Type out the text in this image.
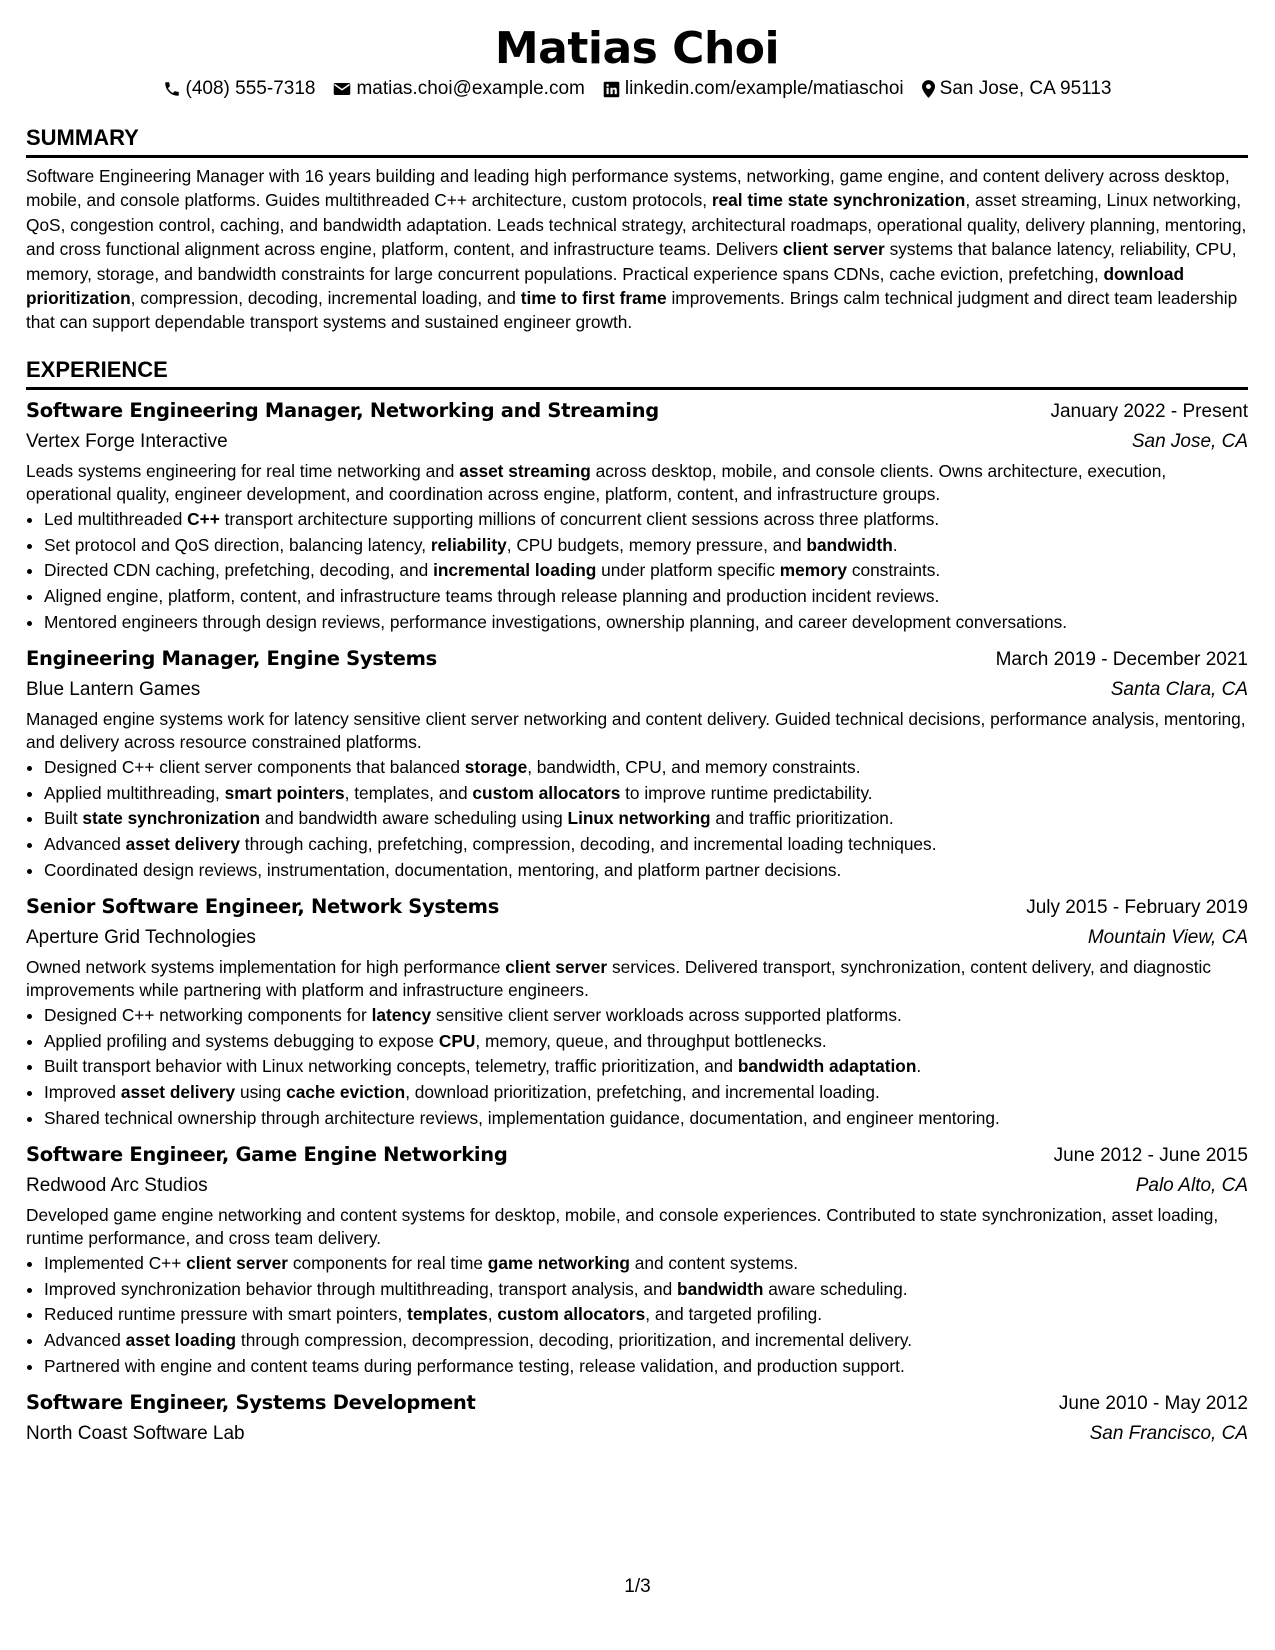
Matias Choi
(408) 555-7318 matias.choi@example.com linkedin.com/example/matiaschoi San Jose, CA 95113
SUMMARY
Software Engineering Manager with 16 years building and leading high performance systems, networking, game engine, and content delivery across desktop, mobile, and console platforms. Guides multithreaded C++ architecture, custom protocols, real time state synchronization, asset streaming, Linux networking, QoS, congestion control, caching, and bandwidth adaptation. Leads technical strategy, architectural roadmaps, operational quality, delivery planning, mentoring, and cross functional alignment across engine, platform, content, and infrastructure teams. Delivers client server systems that balance latency, reliability, CPU, memory, storage, and bandwidth constraints for large concurrent populations. Practical experience spans CDNs, cache eviction, prefetching, download prioritization, compression, decoding, incremental loading, and time to first frame improvements. Brings calm technical judgment and direct team leadership that can support dependable transport systems and sustained engineer growth.
EXPERIENCE
Software Engineering Manager, Networking and Streaming	January 2022 - Present
Vertex Forge Interactive	San Jose, CA
Leads systems engineering for real time networking and asset streaming across desktop, mobile, and console clients. Owns architecture, execution, operational quality, engineer development, and coordination across engine, platform, content, and infrastructure groups.
• Led multithreaded C++ transport architecture supporting millions of concurrent client sessions across three platforms.
• Set protocol and QoS direction, balancing latency, reliability, CPU budgets, memory pressure, and bandwidth.
• Directed CDN caching, prefetching, decoding, and incremental loading under platform specific memory constraints.
• Aligned engine, platform, content, and infrastructure teams through release planning and production incident reviews.
• Mentored engineers through design reviews, performance investigations, ownership planning, and career development conversations.
Engineering Manager, Engine Systems	March 2019 - December 2021
Blue Lantern Games	Santa Clara, CA
Managed engine systems work for latency sensitive client server networking and content delivery. Guided technical decisions, performance analysis, mentoring, and delivery across resource constrained platforms.
• Designed C++ client server components that balanced storage, bandwidth, CPU, and memory constraints.
• Applied multithreading, smart pointers, templates, and custom allocators to improve runtime predictability.
• Built state synchronization and bandwidth aware scheduling using Linux networking and traffic prioritization.
• Advanced asset delivery through caching, prefetching, compression, decoding, and incremental loading techniques.
• Coordinated design reviews, instrumentation, documentation, mentoring, and platform partner decisions.
Senior Software Engineer, Network Systems	July 2015 - February 2019
Aperture Grid Technologies	Mountain View, CA
Owned network systems implementation for high performance client server services. Delivered transport, synchronization, content delivery, and diagnostic improvements while partnering with platform and infrastructure engineers.
• Designed C++ networking components for latency sensitive client server workloads across supported platforms.
• Applied profiling and systems debugging to expose CPU, memory, queue, and throughput bottlenecks.
• Built transport behavior with Linux networking concepts, telemetry, traffic prioritization, and bandwidth adaptation.
• Improved asset delivery using cache eviction, download prioritization, prefetching, and incremental loading.
• Shared technical ownership through architecture reviews, implementation guidance, documentation, and engineer mentoring.
Software Engineer, Game Engine Networking	June 2012 - June 2015
Redwood Arc Studios	Palo Alto, CA
Developed game engine networking and content systems for desktop, mobile, and console experiences. Contributed to state synchronization, asset loading, runtime performance, and cross team delivery.
• Implemented C++ client server components for real time game networking and content systems.
• Improved synchronization behavior through multithreading, transport analysis, and bandwidth aware scheduling.
• Reduced runtime pressure with smart pointers, templates, custom allocators, and targeted profiling.
• Advanced asset loading through compression, decompression, decoding, prioritization, and incremental delivery.
• Partnered with engine and content teams during performance testing, release validation, and production support.
Software Engineer, Systems Development	June 2010 - May 2012
North Coast Software Lab	San Francisco, CA
1/3
